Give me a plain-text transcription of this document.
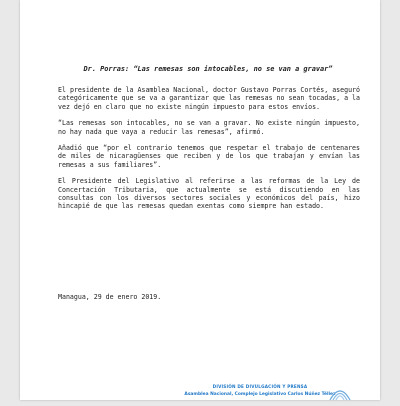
Dr. Porras: “Las remesas son intocables, no se van a gravar”

El presidente de la Asamblea Nacional, doctor Gustavo Porras Cortés, aseguró categóricamente que se va a garantizar que las remesas no sean tocadas, a la vez dejó en claro que no existe ningún impuesto para estos envíos.

“Las remesas son intocables, no se van a gravar. No existe ningún impuesto, no hay nada que vaya a reducir las remesas”, afirmó.

Añadió que “por el contrario tenemos que respetar el trabajo de centenares de miles de nicaragüenses que reciben y de los que trabajan y envían las remesas a sus familiares”.

El Presidente del Legislativo al referirse a las reformas de la Ley de Concertación Tributaria, que actualmente se está discutiendo en las consultas con los diversos sectores sociales y económicos del país, hizo hincapié de que las remesas quedan exentas como siempre han estado.

Managua, 29 de enero 2019.
DIVISIÓN DE DIVULGACIÓN Y PRENSA
Asamblea Nacional, Complejo Legislativo Carlos Núñez Téllez
